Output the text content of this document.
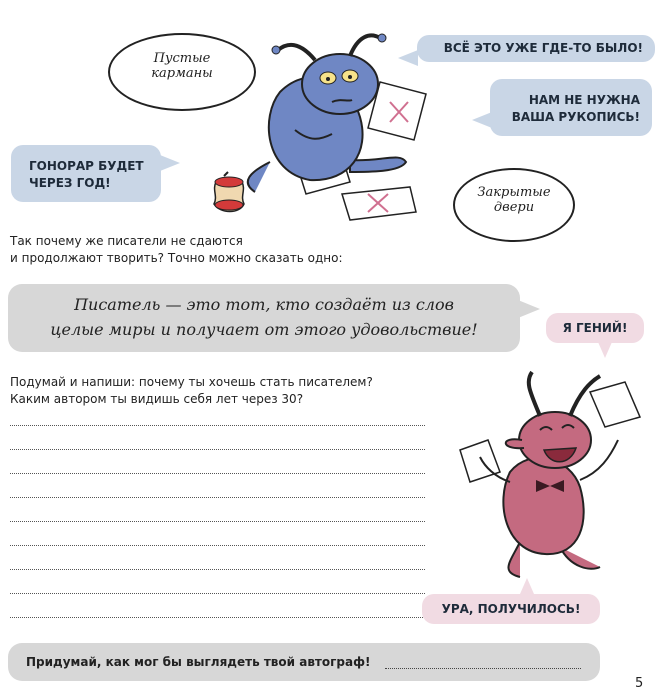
Пустые
карманы
ВСЁ ЭТО УЖЕ ГДЕ-ТО БЫЛО!
НАМ НЕ НУЖНА
ВАША РУКОПИСЬ!
ГОНОРАР БУДЕТ
ЧЕРЕЗ ГОД!
Закрытые
двери
Так почему же писатели не сдаются
и продолжают творить? Точно можно сказать одно:
Писатель — это тот, кто создаёт из слов
целые миры и получает от этого удовольствие!	Я ГЕНИЙ!
Подумай и напиши: почему ты хочешь стать писателем?
Каким автором ты видишь себя лет через 30?
УРА, ПОЛУЧИЛОСЬ!
Придумай, как мог бы выглядеть твой автограф!
5
